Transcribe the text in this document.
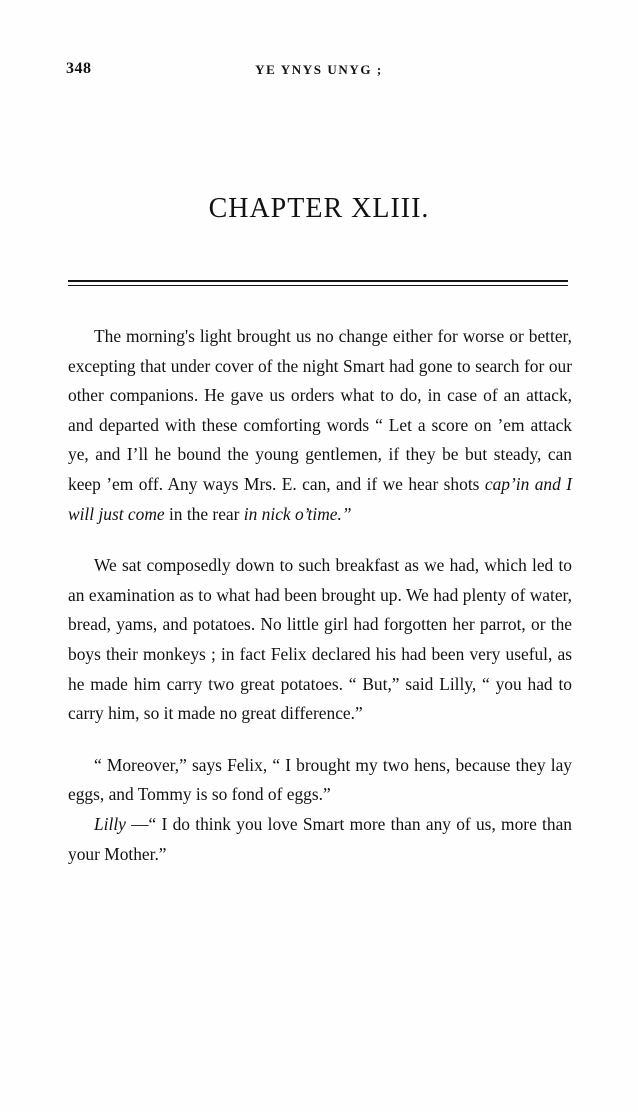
348	YE YNYS UNYG ;
CHAPTER XLIII.

The morning's light brought us no change either for worse or better, excepting that under cover of the night Smart had gone to search for our other companions. He gave us orders what to do, in case of an attack, and departed with these comforting words “ Let a score on ’em attack ye, and I’ll he bound the young gentlemen, if they be but steady, can keep ’em off. Any ways Mrs. E. can, and if we hear shots cap’in and I will just come in the rear in nick o’time.”

We sat composedly down to such breakfast as we had, which led to an examination as to what had been brought up. We had plenty of water, bread, yams, and potatoes. No little girl had forgotten her parrot, or the boys their monkeys ; in fact Felix declared his had been very useful, as he made him carry two great potatoes. “ But,” said Lilly, “ you had to carry him, so it made no great difference.”

“ Moreover,” says Felix, “ I brought my two hens, because they lay eggs, and Tommy is so fond of eggs.”

Lilly —“ I do think you love Smart more than any of us, more than your Mother.”
